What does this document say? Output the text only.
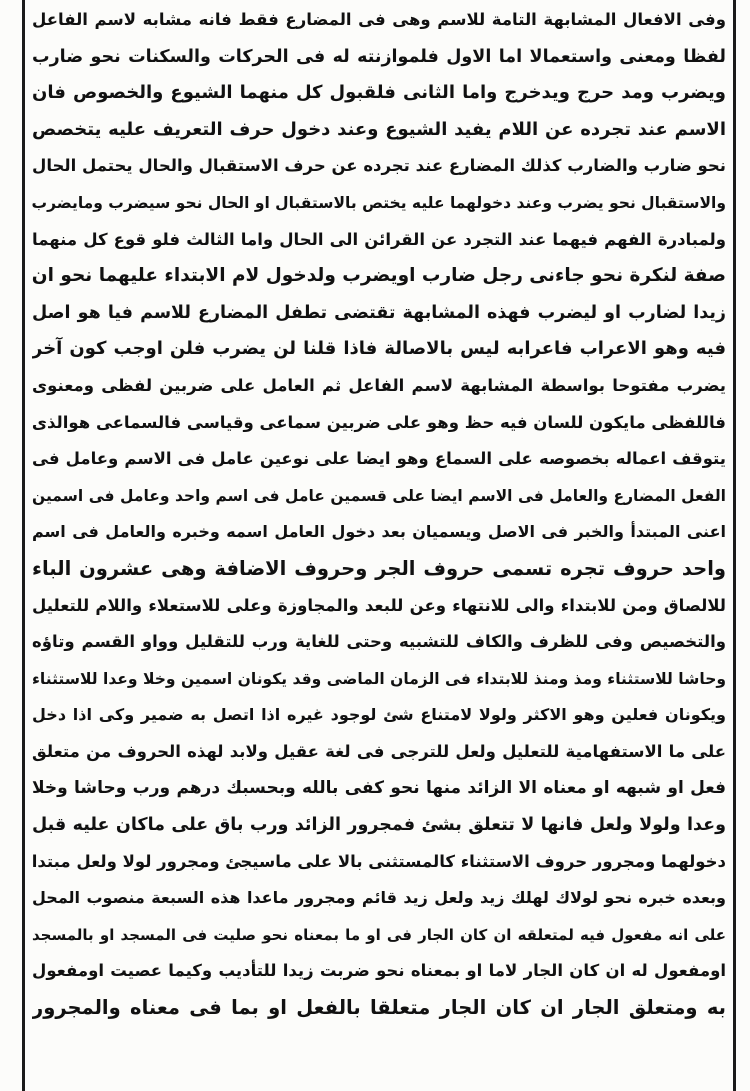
وفى الافعال المشابهة التامة للاسم وهى فى المضارع فقط فانه مشابه لاسم الفاعل
لفظا ومعنى واستعمالا اما الاول فلموازنته له فى الحركات والسكنات نحو ضارب
ويضرب ومد حرج ويدخرج واما الثانى فلقبول كل منهما الشيوع والخصوص فان
الاسم عند تجرده عن اللام يفيد الشيوع وعند دخول حرف التعريف عليه يتخصص
نحو ضارب والضارب كذلك المضارع عند تجرده عن حرف الاستقبال والحال يحتمل الحال
والاستقبال نحو يضرب وعند دخولهما عليه يختص بالاستقبال او الحال نحو سيضرب ومايضرب
ولمبادرة الفهم فيهما عند التجرد عن القرائن الى الحال واما الثالث فلو قوع كل منهما
صفة لنكرة نحو جاءنى رجل ضارب اويضرب ولدخول لام الابتداء عليهما نحو ان
زيدا لضارب او ليضرب فهذه المشابهة تقتضى تطفل المضارع للاسم فيا هو اصل
فيه وهو الاعراب فاعرابه ليس بالاصالة فاذا قلنا لن يضرب فلن اوجب كون آخر
يضرب مفتوحا بواسطة المشابهة لاسم الفاعل ثم العامل على ضربين لفظى ومعنوى
فاللفظى مايكون للسان فيه حظ وهو على ضربين سماعى وقياسى فالسماعى هوالذى
يتوقف اعماله بخصوصه على السماع وهو ايضا على نوعين عامل فى الاسم وعامل فى
الفعل المضارع والعامل فى الاسم ايضا على قسمين عامل فى اسم واحد وعامل فى اسمين
اعنى المبتدأ والخبر فى الاصل ويسميان بعد دخول العامل اسمه وخبره والعامل فى اسم
واحد حروف تجره تسمى حروف الجر وحروف الاضافة وهى عشرون الباء
للالصاق ومن للابتداء والى للانتهاء وعن للبعد والمجاوزة وعلى للاستعلاء واللام للتعليل
والتخصيص وفى للظرف والكاف للتشبيه وحتى للغاية ورب للتقليل وواو القسم وتاؤه
وحاشا للاستثناء ومذ ومنذ للابتداء فى الزمان الماضى وقد يكونان اسمين وخلا وعدا للاستثناء
ويكونان فعلين وهو الاكثر ولولا لامتناع شئ لوجود غيره اذا اتصل به ضمير وكى اذا دخل
على ما الاستفهامية للتعليل ولعل للترجى فى لغة عقيل ولابد لهذه الحروف من متعلق
فعل او شبهه او معناه الا الزائد منها نحو كفى بالله وبحسبك درهم ورب وحاشا وخلا
وعدا ولولا ولعل فانها لا تتعلق بشئ فمجرور الزائد ورب باق على ماكان عليه قبل
دخولهما ومجرور حروف الاستثناء كالمستثنى بالا على ماسيجئ ومجرور لولا ولعل مبتدا
وبعده خبره نحو لولاك لهلك زيد ولعل زيد قائم ومجرور ماعدا هذه السبعة منصوب المحل
على انه مفعول فيه لمتعلقه ان كان الجار فى او ما بمعناه نحو صليت فى المسجد او بالمسجد
اومفعول له ان كان الجار لاما او بمعناه نحو ضربت زيدا للتأديب وكيما عصيت اومفعول
به ومتعلق الجار ان كان الجار متعلقا بالفعل او بما فى معناه والمجرور
